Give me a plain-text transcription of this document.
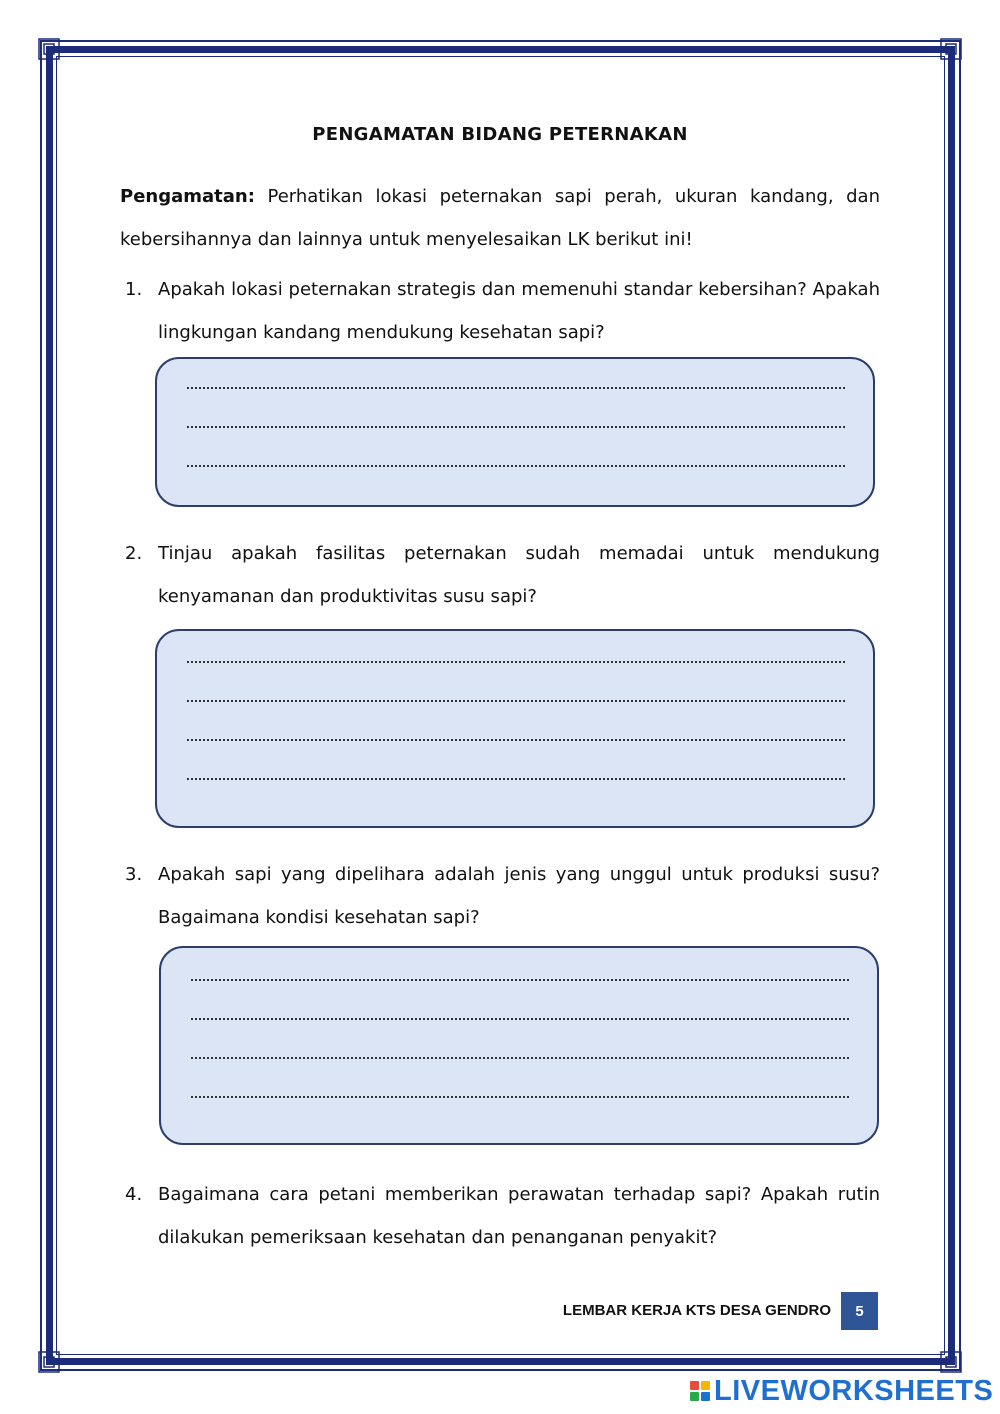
PENGAMATAN BIDANG PETERNAKAN
Pengamatan: Perhatikan lokasi peternakan sapi perah, ukuran kandang, dan kebersihannya dan lainnya untuk menyelesaikan LK berikut ini!
1. Apakah lokasi peternakan strategis dan memenuhi standar kebersihan? Apakah lingkungan kandang mendukung kesehatan sapi?
2. Tinjau apakah fasilitas peternakan sudah memadai untuk mendukung kenyamanan dan produktivitas susu sapi?
3. Apakah sapi yang dipelihara adalah jenis yang unggul untuk produksi susu? Bagaimana kondisi kesehatan sapi?
4. Bagaimana cara petani memberikan perawatan terhadap sapi? Apakah rutin dilakukan pemeriksaan kesehatan dan penanganan penyakit?
LEMBAR KERJA KTS DESA GENDRO	5
LIVEWORKSHEETS
